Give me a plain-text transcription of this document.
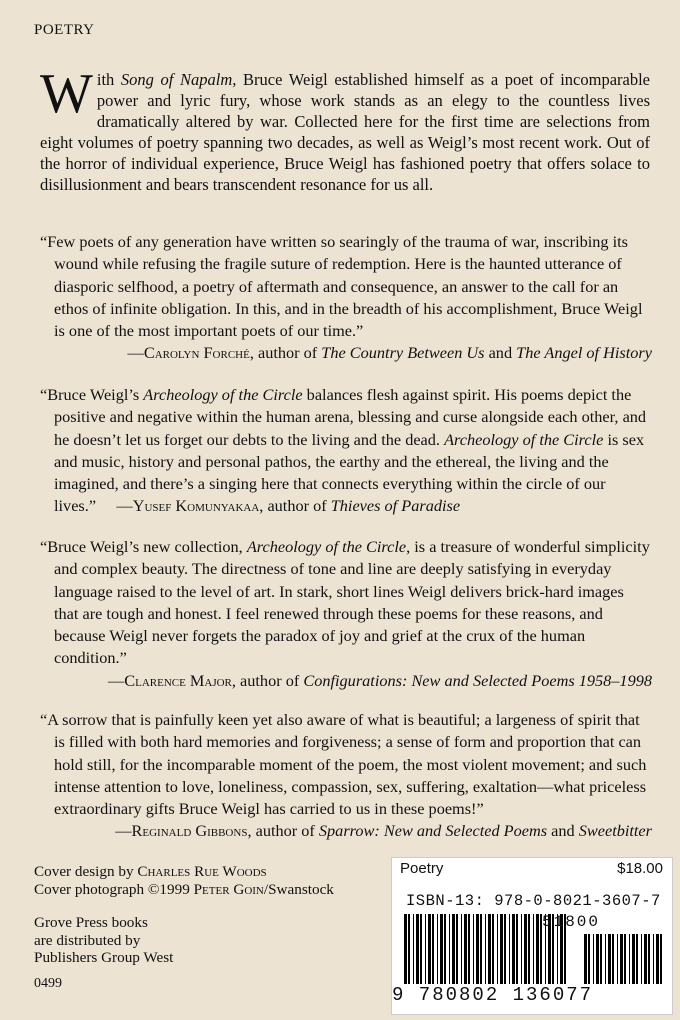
POETRY
With Song of Napalm, Bruce Weigl established himself as a poet of incomparable power and lyric fury, whose work stands as an elegy to the countless lives dramatically altered by war. Collected here for the first time are selections from eight volumes of poetry spanning two decades, as well as Weigl’s most recent work. Out of the horror of individual experience, Bruce Weigl has fashioned poetry that offers solace to disillusionment and bears transcendent resonance for us all.

“Few poets of any generation have written so searingly of the trauma of war, inscribing its wound while refusing the fragile suture of redemption. Here is the haunted utterance of diasporic selfhood, a poetry of aftermath and consequence, an answer to the call for an ethos of infinite obligation. In this, and in the breadth of his accomplishment, Bruce Weigl is one of the most important poets of our time.”

—Carolyn Forché, author of The Country Between Us and The Angel of History

“Bruce Weigl’s Archeology of the Circle balances flesh against spirit. His poems depict the positive and negative within the human arena, blessing and curse alongside each other, and he doesn’t let us forget our debts to the living and the dead. Archeology of the Circle is sex and music, history and personal pathos, the earthy and the ethereal, the living and the imagined, and there’s a singing here that connects everything within the circle of our lives.” —Yusef Komunyakaa, author of Thieves of Paradise

“Bruce Weigl’s new collection, Archeology of the Circle, is a treasure of wonderful simplicity and complex beauty. The directness of tone and line are deeply satisfying in everyday language raised to the level of art. In stark, short lines Weigl delivers brick-hard images that are tough and honest. I feel renewed through these poems for these reasons, and because Weigl never forgets the paradox of joy and grief at the crux of the human condition.”

—Clarence Major, author of Configurations: New and Selected Poems 1958–1998

“A sorrow that is painfully keen yet also aware of what is beautiful; a largeness of spirit that is filled with both hard memories and forgiveness; a sense of form and proportion that can hold still, for the incomparable moment of the poem, the most violent movement; and such intense attention to love, loneliness, compassion, sex, suffering, exaltation—what priceless extraordinary gifts Bruce Weigl has carried to us in these poems!”

—Reginald Gibbons, author of Sparrow: New and Selected Poems and Sweetbitter
Cover design by Charles Rue Woods
Cover photograph ©1999 Peter Goin/Swanstock
Grove Press books
are distributed by
Publishers Group West
0499
Poetry	$18.00
ISBN-13: 978-0-8021-3607-7
51800
9 780802 136077
